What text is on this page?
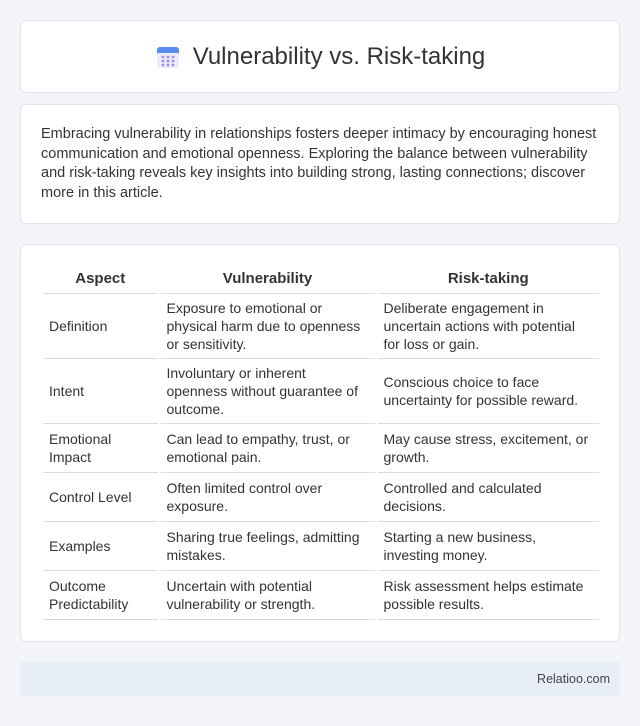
Vulnerability vs. Risk-taking

Embracing vulnerability in relationships fosters deeper intimacy by encouraging honest communication and emotional openness. Exploring the balance between vulnerability and risk-taking reveals key insights into building strong, lasting connections; discover more in this article.

Aspect	Vulnerability	Risk-taking
Definition	Exposure to emotional or physical harm due to openness or sensitivity.	Deliberate engagement in uncertain actions with potential for loss or gain.
Intent	Involuntary or inherent openness without guarantee of outcome.	Conscious choice to face uncertainty for possible reward.
Emotional Impact	Can lead to empathy, trust, or emotional pain.	May cause stress, excitement, or growth.
Control Level	Often limited control over exposure.	Controlled and calculated decisions.
Examples	Sharing true feelings, admitting mistakes.	Starting a new business, investing money.
Outcome Predictability	Uncertain with potential vulnerability or strength.	Risk assessment helps estimate possible results.
Relatioo.com
